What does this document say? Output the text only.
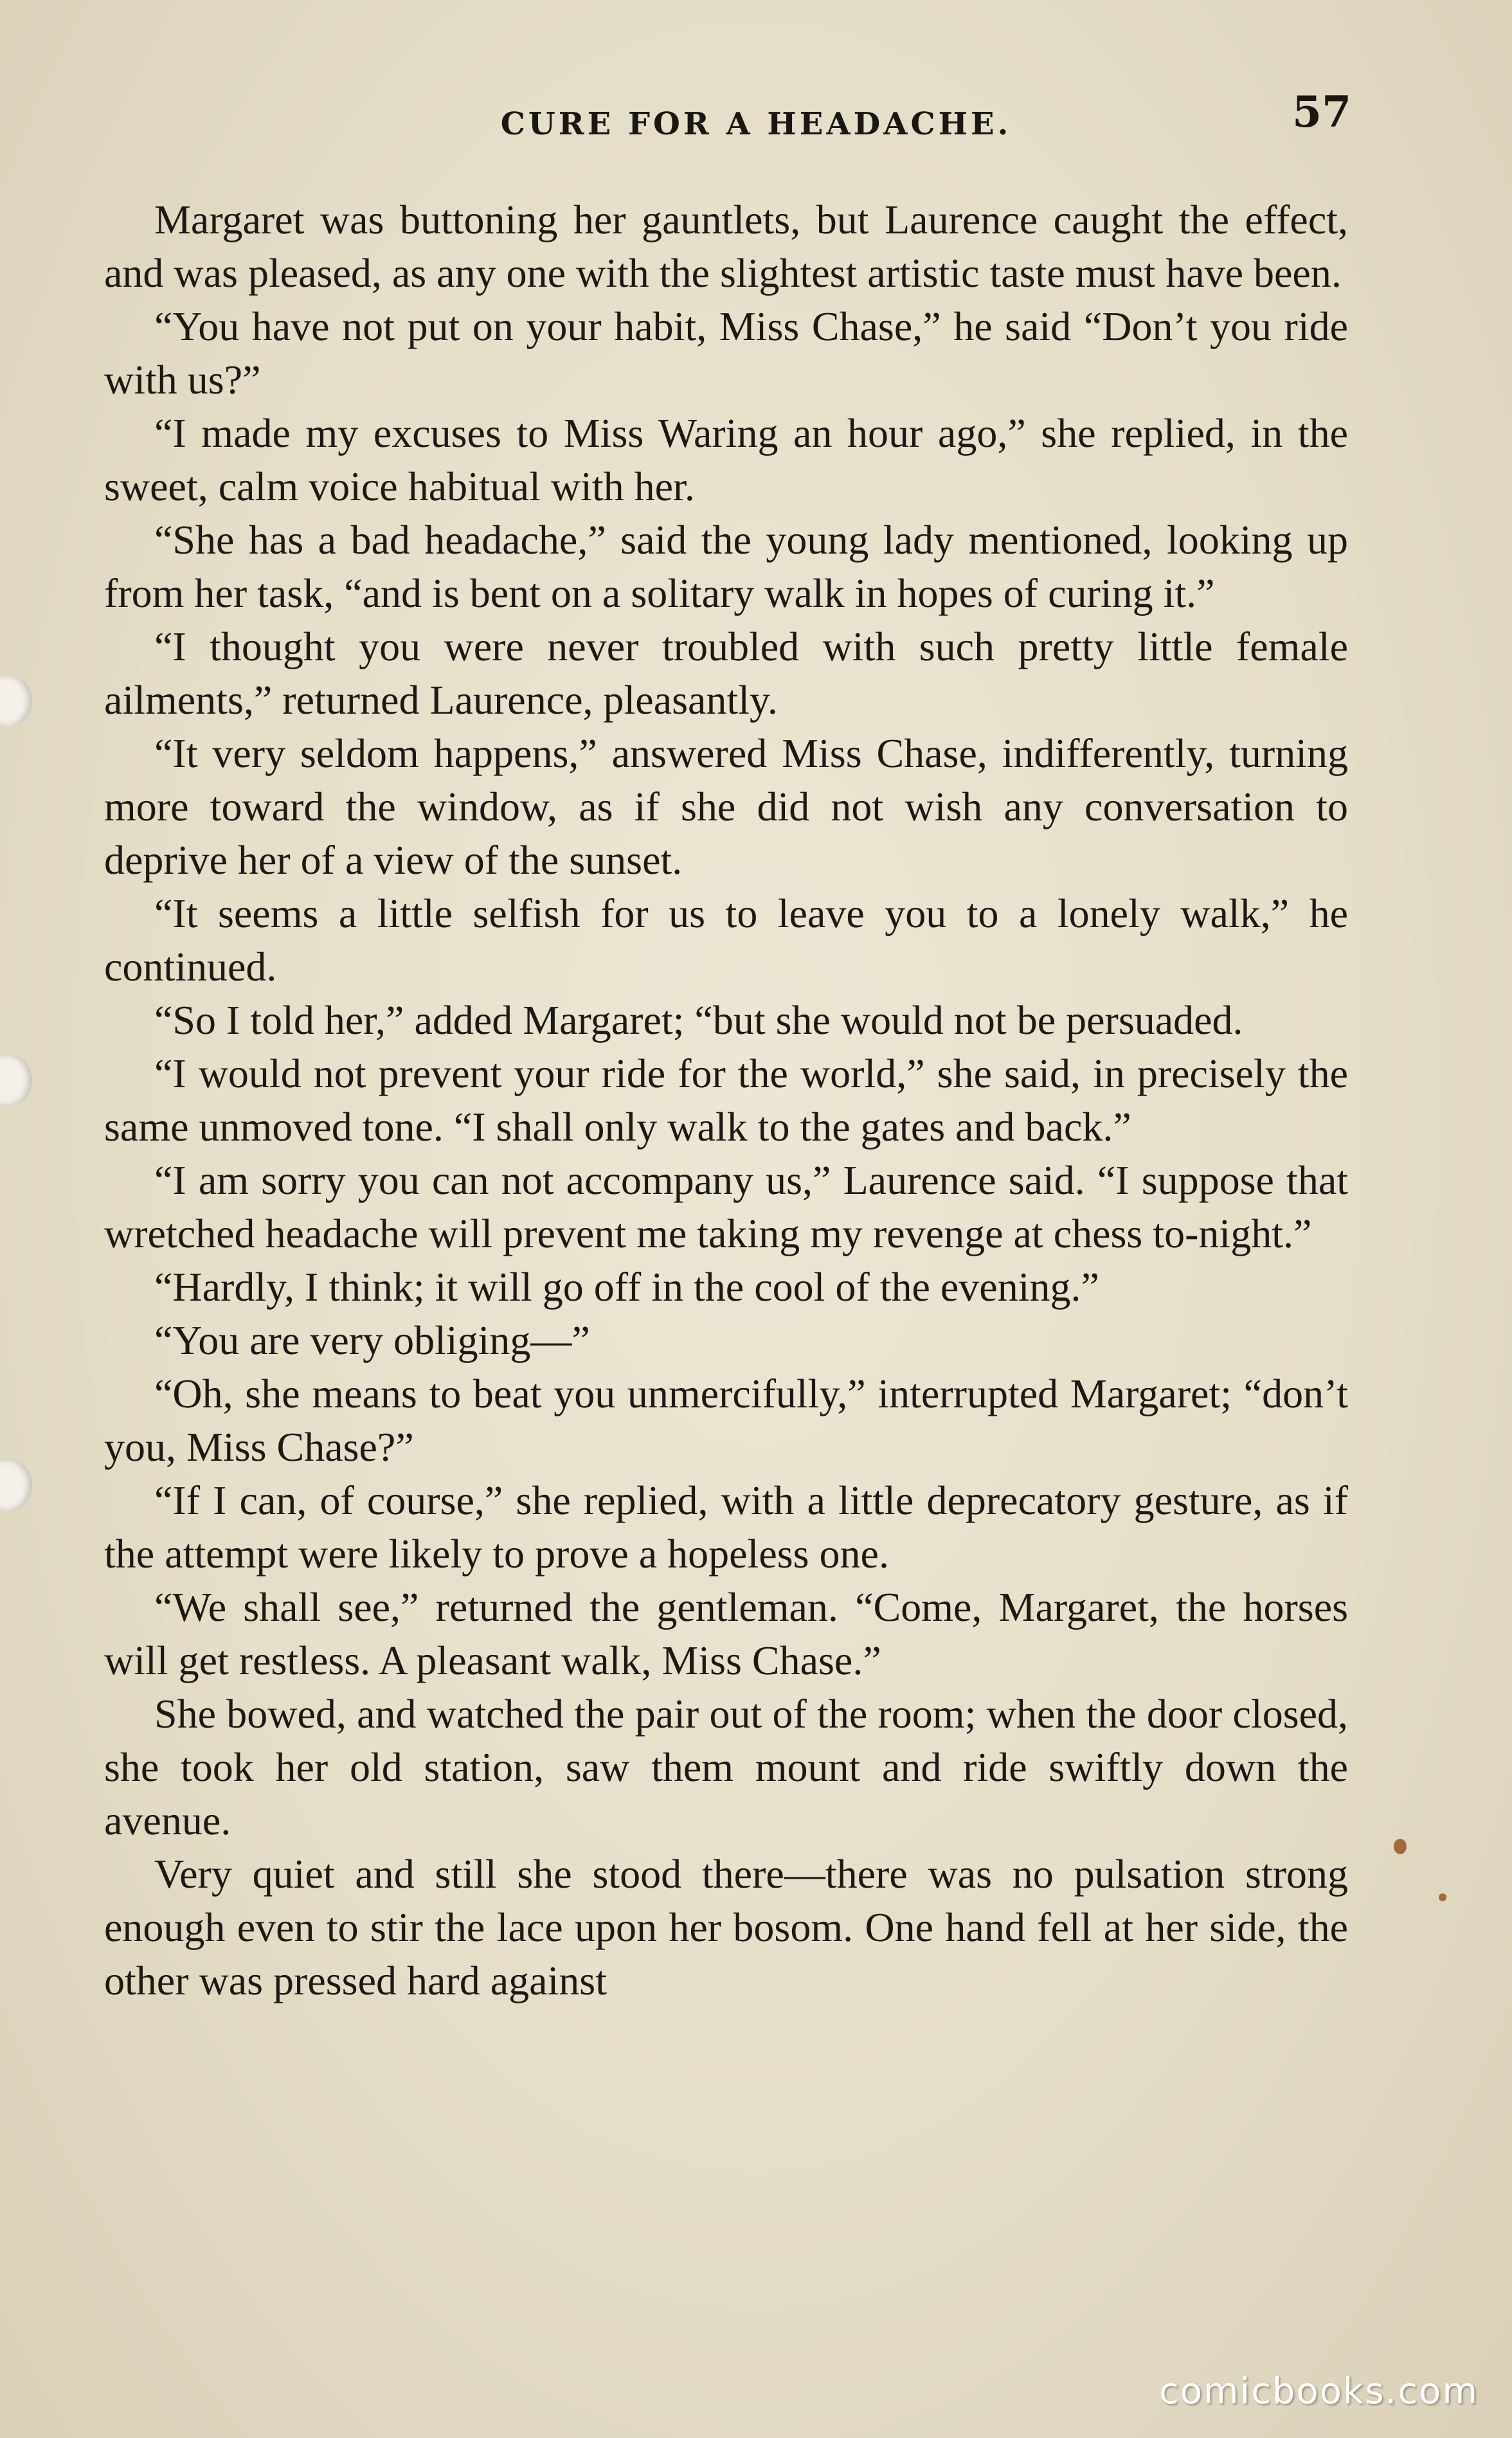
CURE FOR A HEADACHE.	57

Margaret was buttoning her gauntlets, but Laurence caught the effect, and was pleased, as any one with the slightest artistic taste must have been.

“You have not put on your habit, Miss Chase,” he said “Don’t you ride with us?”

“I made my excuses to Miss Waring an hour ago,” she replied, in the sweet, calm voice habitual with her.

“She has a bad headache,” said the young lady mentioned, looking up from her task, “and is bent on a solitary walk in hopes of curing it.”

“I thought you were never troubled with such pretty little female ailments,” returned Laurence, pleasantly.

“It very seldom happens,” answered Miss Chase, indifferently, turning more toward the window, as if she did not wish any conversation to deprive her of a view of the sunset.

“It seems a little selfish for us to leave you to a lonely walk,” he continued.

“So I told her,” added Margaret; “but she would not be persuaded.

“I would not prevent your ride for the world,” she said, in precisely the same unmoved tone. “I shall only walk to the gates and back.”

“I am sorry you can not accompany us,” Laurence said. “I suppose that wretched headache will prevent me taking my revenge at chess to-night.”

“Hardly, I think; it will go off in the cool of the evening.”

“You are very obliging—”

“Oh, she means to beat you unmercifully,” interrupted Margaret; “don’t you, Miss Chase?”

“If I can, of course,” she replied, with a little deprecatory gesture, as if the attempt were likely to prove a hopeless one.

“We shall see,” returned the gentleman. “Come, Margaret, the horses will get restless. A pleasant walk, Miss Chase.”

She bowed, and watched the pair out of the room; when the door closed, she took her old station, saw them mount and ride swiftly down the avenue.

Very quiet and still she stood there—there was no pulsation strong enough even to stir the lace upon her bosom. One hand fell at her side, the other was pressed hard against

comicbooks.com
